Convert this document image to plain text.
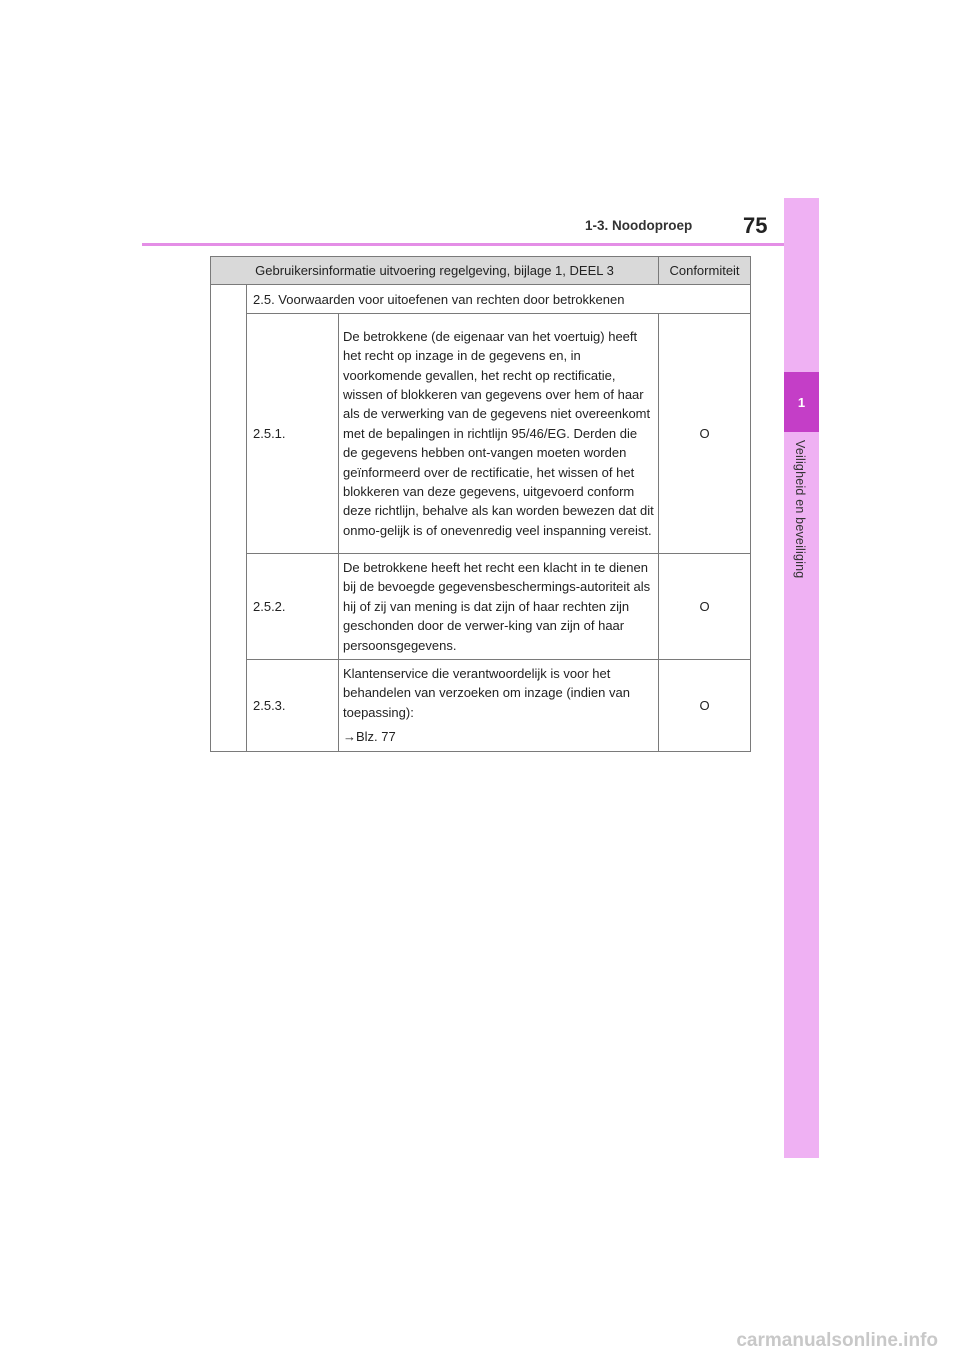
1-3. Noodoproep 75
1
Veiligheid en beveiliging
Gebruikersinformatie uitvoering regelgeving, bijlage 1, DEEL 3			Conformiteit
	2.5. Voorwaarden voor uitoefenen van rechten door betrokkenen		
	2.5.1.	De betrokkene (de eigenaar van het voertuig) heeft het recht op inzage in de gegevens en, in voorkomende gevallen, het recht op rectificatie, wissen of blokkeren van gegevens over hem of haar als de verwerking van de gegevens niet overeenkomt met de bepalingen in richtlijn 95/46/EG. Derden die de gegevens hebben ont-vangen moeten worden geïnformeerd over de rectificatie, het wissen of het blokkeren van deze gegevens, uitgevoerd conform deze richtlijn, behalve als kan worden bewezen dat dit onmo-gelijk is of onevenredig veel inspanning vereist.	O
	2.5.2.	De betrokkene heeft het recht een klacht in te dienen bij de bevoegde gegevensbeschermings-autoriteit als hij of zij van mening is dat zijn of haar rechten zijn geschonden door de verwer-king van zijn of haar persoonsgegevens.	O
	2.5.3.	Klantenservice die verantwoordelijk is voor het behandelen van verzoeken om inzage (indien van toepassing):
→Blz. 77	O
carmanualsonline.info
